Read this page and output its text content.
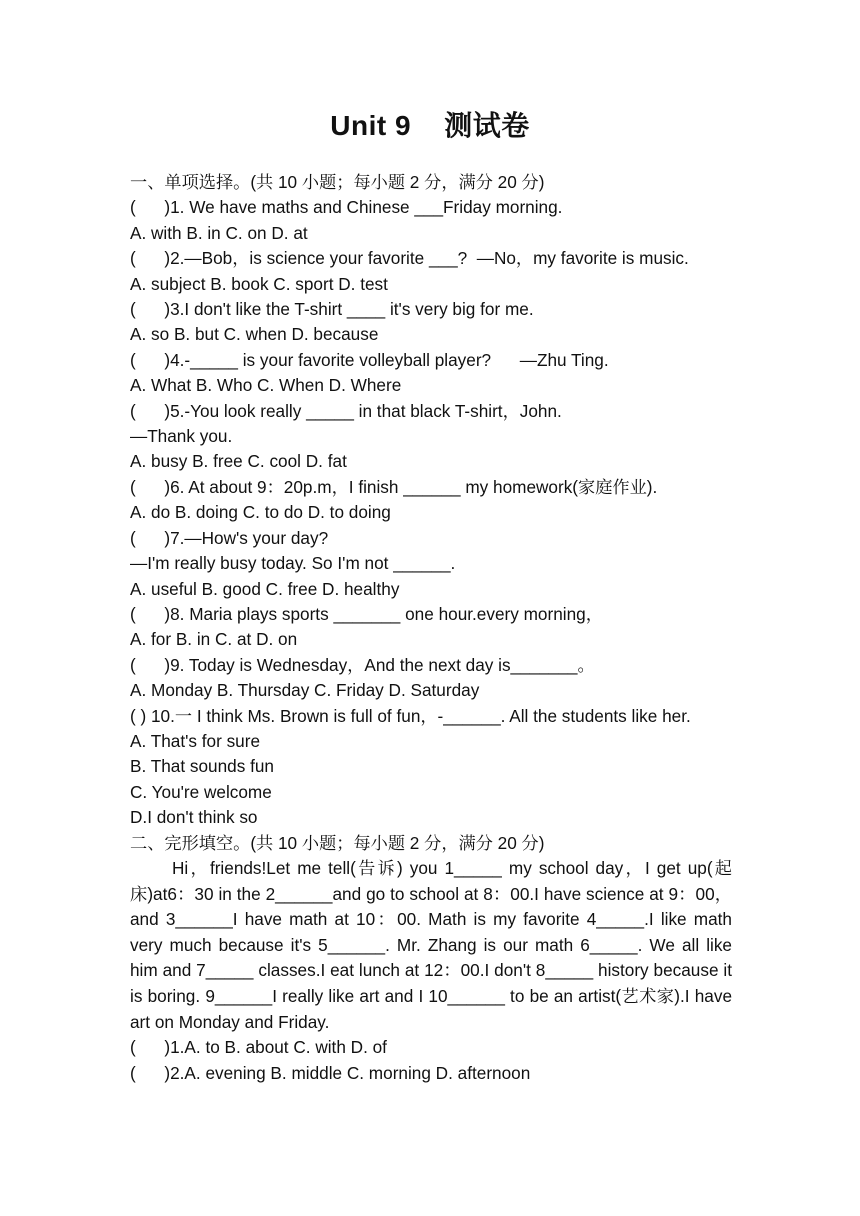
Unit 9    测试卷
一、单项选择。(共 10 小题；每小题 2 分，满分 20 分)
(      )1. We have maths and Chinese ___Friday morning.
A. with B. in C. on D. at
(      )2.—Bob，is science your favorite ___?  —No，my favorite is music.
A. subject B. book C. sport D. test
(      )3.I don't like the T-shirt ____ it's very big for me.
A. so B. but C. when D. because
(      )4.-_____ is your favorite volleyball player?      —Zhu Ting.
A. What B. Who C. When D. Where
(      )5.-You look really _____ in that black T-shirt，John.
—Thank you.
A. busy B. free C. cool D. fat
(      )6. At about 9：20p.m，I finish ______ my homework(家庭作业).
A. do B. doing C. to do D. to doing
(      )7.—How's your day?
—I'm really busy today. So I'm not ______.
A. useful B. good C. free D. healthy
(      )8. Maria plays sports _______ one hour.every morning，
A. for B. in C. at D. on
(      )9. Today is Wednesday，And the next day is_______。
A. Monday B. Thursday C. Friday D. Saturday
( ) 10.一 I think Ms. Brown is full of fun，-______. All the students like her.
A. That's for sure
B. That sounds fun
C. You're welcome
D.I don't think so
二、完形填空。(共 10 小题；每小题 2 分，满分 20 分)
Hi，friends!Let me tell(告诉) you 1_____ my school day，I get up(起床)at6：30 in the 2______and go to school at 8：00.I have science at 9：00，and 3______I have math at 10：00. Math is my favorite 4_____.I like math very much because it's 5______. Mr. Zhang is our math 6_____. We all like him and 7_____ classes.I eat lunch at 12：00.I don't 8_____ history because it is boring. 9______I really like art and I 10______ to be an artist(艺术家).I have art on Monday and Friday.
(      )1.A. to B. about C. with D. of
(      )2.A. evening B. middle C. morning D. afternoon
